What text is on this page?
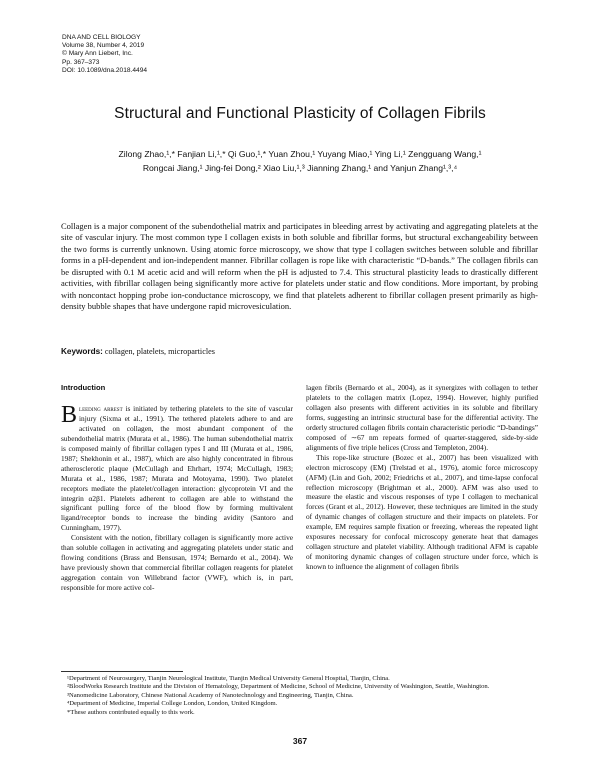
DNA AND CELL BIOLOGY
Volume 38, Number 4, 2019
© Mary Ann Liebert, Inc.
Pp. 367–373
DOI: 10.1089/dna.2018.4494
Structural and Functional Plasticity of Collagen Fibrils
Zilong Zhao,¹,* Fanjian Li,¹,* Qi Guo,¹,* Yuan Zhou,¹ Yuyang Miao,¹ Ying Li,¹ Zengguang Wang,¹
Rongcai Jiang,¹ Jing-fei Dong,² Xiao Liu,¹,³ Jianning Zhang,¹ and Yanjun Zhang¹,³,⁴

Collagen is a major component of the subendothelial matrix and participates in bleeding arrest by activating and aggregating platelets at the site of vascular injury. The most common type I collagen exists in both soluble and fibrillar forms, but structural exchangeability between the two forms is currently unknown. Using atomic force microscopy, we show that type I collagen switches between soluble and fibrillar forms in a pH-dependent and ion-independent manner. Fibrillar collagen is rope like with characteristic “D-bands.” The collagen fibrils can be disrupted with 0.1 M acetic acid and will reform when the pH is adjusted to 7.4. This structural plasticity leads to drastically different activities, with fibrillar collagen being significantly more active for platelets under static and flow conditions. More important, by probing with noncontact hopping probe ion-conductance microscopy, we find that platelets adherent to fibrillar collagen present primarily as high-density bubble shapes that have undergone rapid microvesiculation.

Keywords: collagen, platelets, microparticles
Introduction

Bleeding arrest is initiated by tethering platelets to the site of vascular injury (Sixma et al., 1991). The tethered platelets adhere to and are activated on collagen, the most abundant component of the subendothelial matrix (Murata et al., 1986). The human subendothelial matrix is composed mainly of fibrillar collagen types I and III (Murata et al., 1986, 1987; Shekhonin et al., 1987), which are also highly concentrated in fibrous atherosclerotic plaque (McCullagh and Ehrhart, 1974; McCullagh, 1983; Murata et al., 1986, 1987; Murata and Motoyama, 1990). Two platelet receptors mediate the platelet/collagen interaction: glycoprotein VI and the integrin α2β1. Platelets adherent to collagen are able to withstand the significant pulling force of the blood flow by forming multivalent ligand/receptor bonds to increase the binding avidity (Santoro and Cunningham, 1977).

Consistent with the notion, fibrillary collagen is significantly more active than soluble collagen in activating and aggregating platelets under static and flowing conditions (Brass and Bensusan, 1974; Bernardo et al., 2004). We have previously shown that commercial fibrillar collagen reagents for platelet aggregation contain von Willebrand factor (VWF), which is, in part, responsible for more active col-

lagen fibrils (Bernardo et al., 2004), as it synergizes with collagen to tether platelets to the collagen matrix (Lopez, 1994). However, highly purified collagen also presents with different activities in its soluble and fibrillary forms, suggesting an intrinsic structural base for the differential activity. The orderly structured collagen fibrils contain characteristic periodic “D-bandings” composed of ∼67 nm repeats formed of quarter-staggered, side-by-side alignments of five triple helices (Cross and Templeton, 2004).

This rope-like structure (Bozec et al., 2007) has been visualized with electron microscopy (EM) (Trelstad et al., 1976), atomic force microscopy (AFM) (Lin and Goh, 2002; Friedrichs et al., 2007), and time-lapse confocal reflection microscopy (Brightman et al., 2000). AFM was also used to measure the elastic and viscous responses of type I collagen to mechanical forces (Grant et al., 2012). However, these techniques are limited in the study of dynamic changes of collagen structure and their impacts on platelets. For example, EM requires sample fixation or freezing, whereas the repeated light exposures necessary for confocal microscopy generate heat that damages collagen structure and platelet viability. Although traditional AFM is capable of monitoring dynamic changes of collagen structure under force, which is known to influence the alignment of collagen fibrils

¹Department of Neurosurgery, Tianjin Neurological Institute, Tianjin Medical University General Hospital, Tianjin, China.
²BloodWorks Research Institute and the Division of Hematology, Department of Medicine, School of Medicine, University of Washington, Seattle, Washington.
³Nanomedicine Laboratory, Chinese National Academy of Nanotechnology and Engineering, Tianjin, China.
⁴Department of Medicine, Imperial College London, London, United Kingdom.
*These authors contributed equally to this work.
367
